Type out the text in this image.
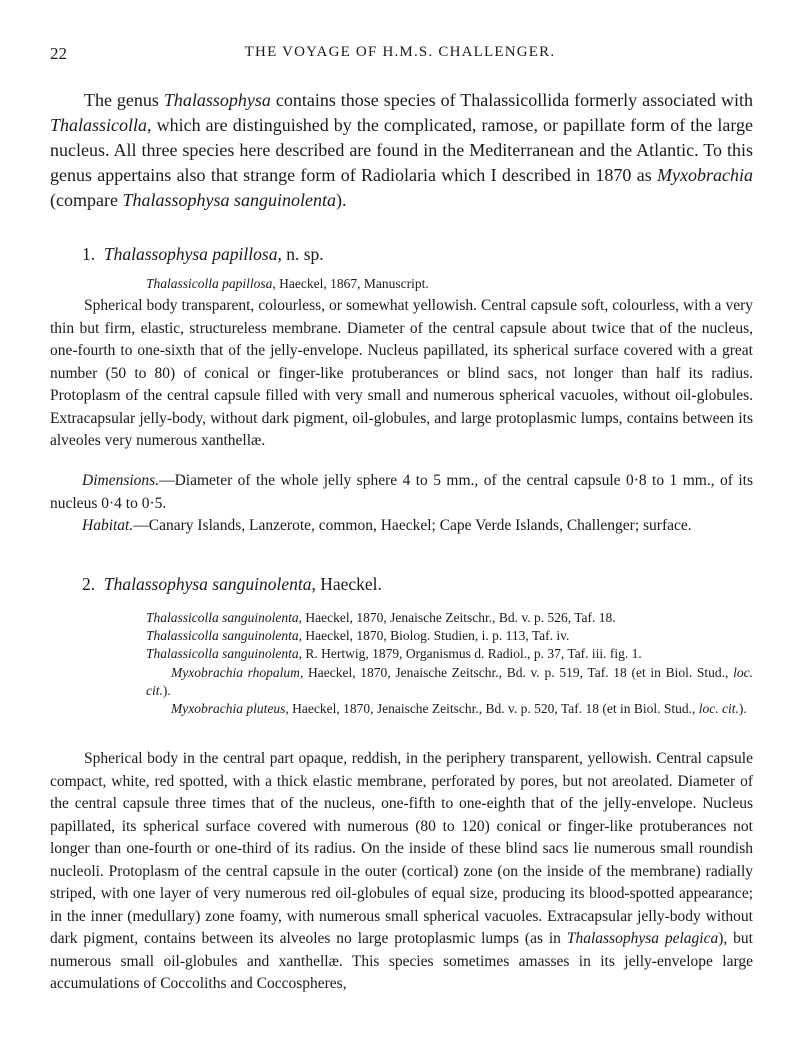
22	THE VOYAGE OF H.M.S. CHALLENGER.

The genus Thalassophysa contains those species of Thalassicollida formerly associated with Thalassicolla, which are distinguished by the complicated, ramose, or papillate form of the large nucleus. All three species here described are found in the Mediterranean and the Atlantic. To this genus appertains also that strange form of Radiolaria which I described in 1870 as Myxobrachia (compare Thalassophysa sanguinolenta).

1. Thalassophysa papillosa, n. sp.

Thalassicolla papillosa, Haeckel, 1867, Manuscript.

Spherical body transparent, colourless, or somewhat yellowish. Central capsule soft, colourless, with a very thin but firm, elastic, structureless membrane. Diameter of the central capsule about twice that of the nucleus, one-fourth to one-sixth that of the jelly-envelope. Nucleus papillated, its spherical surface covered with a great number (50 to 80) of conical or finger-like protuberances or blind sacs, not longer than half its radius. Protoplasm of the central capsule filled with very small and numerous spherical vacuoles, without oil-globules. Extracapsular jelly-body, without dark pigment, oil-globules, and large protoplasmic lumps, contains between its alveoles very numerous xanthellæ.

Dimensions.—Diameter of the whole jelly sphere 4 to 5 mm., of the central capsule 0·8 to 1 mm., of its nucleus 0·4 to 0·5.

Habitat.—Canary Islands, Lanzerote, common, Haeckel; Cape Verde Islands, Challenger; surface.

2. Thalassophysa sanguinolenta, Haeckel.
Thalassicolla sanguinolenta, Haeckel, 1870, Jenaische Zeitschr., Bd. v. p. 526, Taf. 18.
Thalassicolla sanguinolenta, Haeckel, 1870, Biolog. Studien, i. p. 113, Taf. iv.
Thalassicolla sanguinolenta, R. Hertwig, 1879, Organismus d. Radiol., p. 37, Taf. iii. fig. 1.
Myxobrachia rhopalum, Haeckel, 1870, Jenaische Zeitschr., Bd. v. p. 519, Taf. 18 (et in Biol. Stud., loc. cit.).
Myxobrachia pluteus, Haeckel, 1870, Jenaische Zeitschr., Bd. v. p. 520, Taf. 18 (et in Biol. Stud., loc. cit.).

Spherical body in the central part opaque, reddish, in the periphery transparent, yellowish. Central capsule compact, white, red spotted, with a thick elastic membrane, perforated by pores, but not areolated. Diameter of the central capsule three times that of the nucleus, one-fifth to one-eighth that of the jelly-envelope. Nucleus papillated, its spherical surface covered with numerous (80 to 120) conical or finger-like protuberances not longer than one-fourth or one-third of its radius. On the inside of these blind sacs lie numerous small roundish nucleoli. Protoplasm of the central capsule in the outer (cortical) zone (on the inside of the membrane) radially striped, with one layer of very numerous red oil-globules of equal size, producing its blood-spotted appearance; in the inner (medullary) zone foamy, with numerous small spherical vacuoles. Extracapsular jelly-body without dark pigment, contains between its alveoles no large protoplasmic lumps (as in Thalassophysa pelagica), but numerous small oil-globules and xanthellæ. This species sometimes amasses in its jelly-envelope large accumulations of Coccoliths and Coccospheres,
